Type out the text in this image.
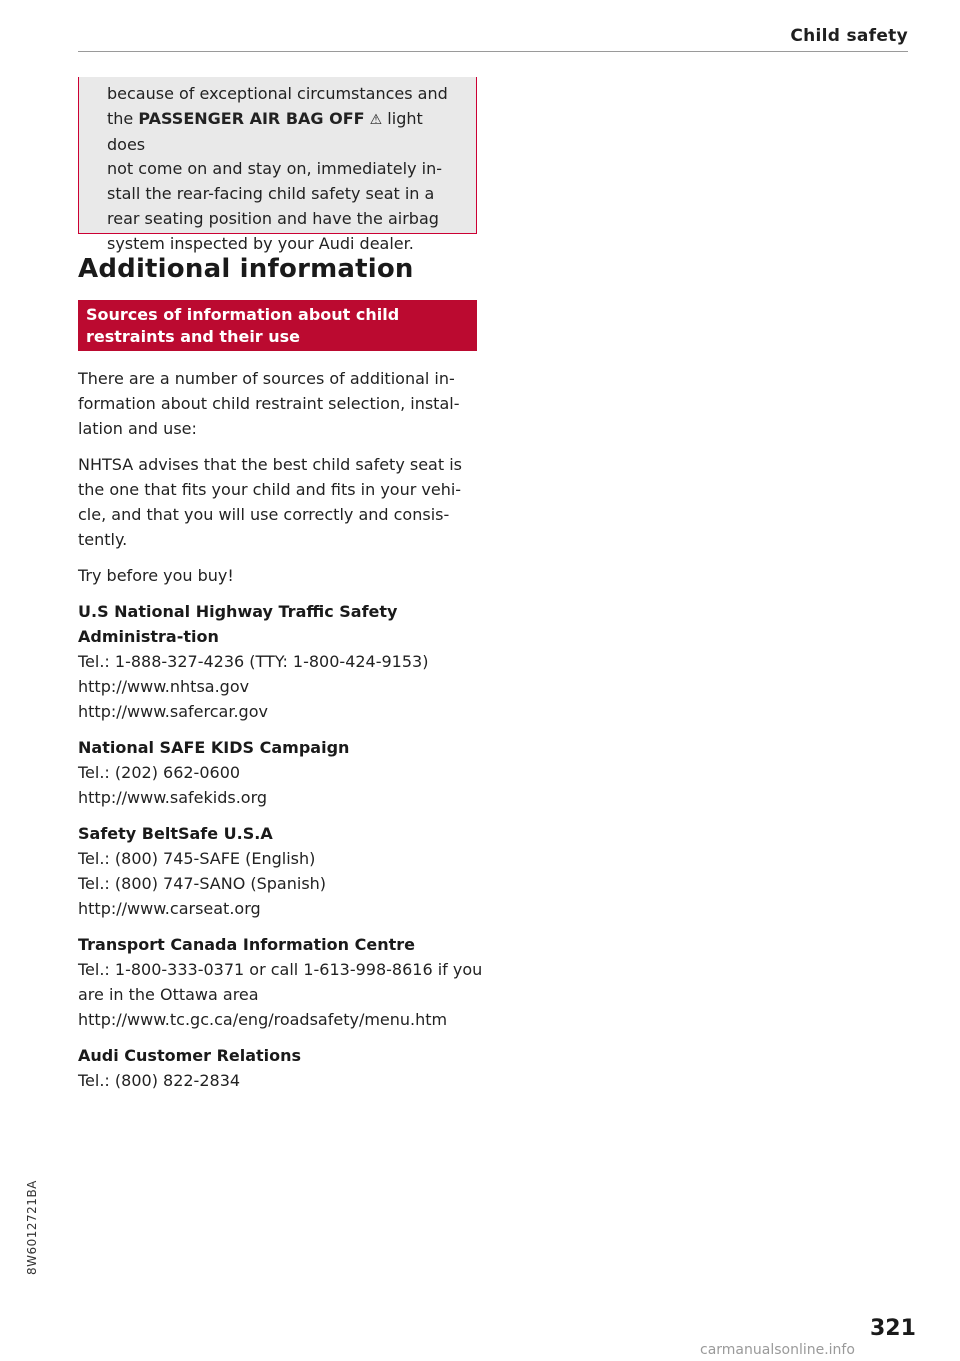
Child safety

because of exceptional circumstances and

the PASSENGER AIR BAG OFF ⚠︎ light does

not come on and stay on, immediately in-

stall the rear-facing child safety seat in a

rear seating position and have the airbag

system inspected by your Audi dealer.

Additional information
Sources of information about child restraints and their use

There are a number of sources of additional in-formation about child restraint selection, instal-lation and use:

NHTSA advises that the best child safety seat is the one that fits your child and fits in your vehi-cle, and that you will use correctly and consis-tently.

Try before you buy!

U.S National Highway Traffic Safety Administra-tion

Tel.: 1-888-327-4236 (TTY: 1-800-424-9153)

http://www.nhtsa.gov

http://www.safercar.gov

National SAFE KIDS Campaign

Tel.: (202) 662-0600

http://www.safekids.org

Safety BeltSafe U.S.A

Tel.: (800) 745-SAFE (English)

Tel.: (800) 747-SANO (Spanish)

http://www.carseat.org

Transport Canada Information Centre

Tel.: 1-800-333-0371 or call 1-613-998-8616 if you are in the Ottawa area

http://www.tc.gc.ca/eng/roadsafety/menu.htm

Audi Customer Relations

Tel.: (800) 822-2834

8W6012721BA
321
carmanualsonline.info
